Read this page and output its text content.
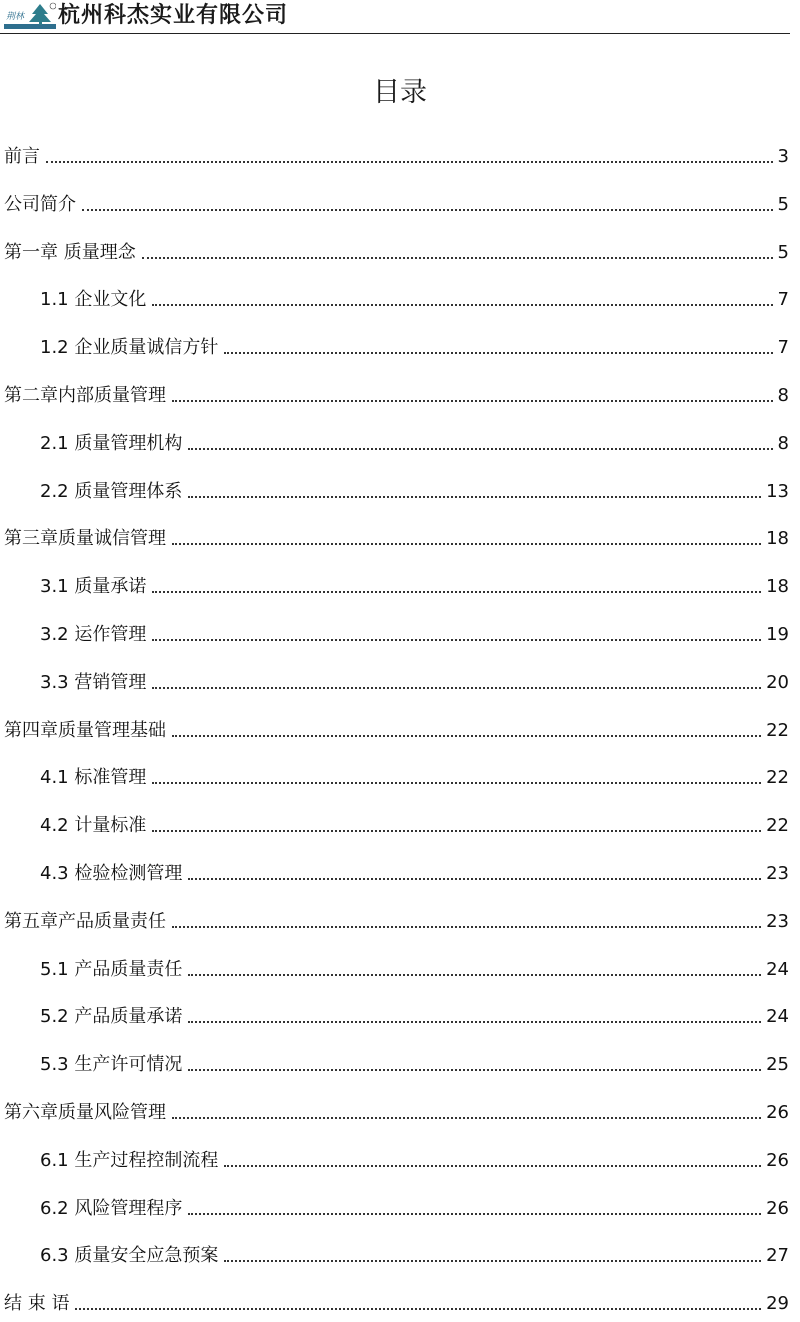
荆林 杭州科杰实业有限公司
目录
前言	3
公司简介	5
第一章 质量理念	5
1.1 企业文化	7
1.2 企业质量诚信方针	7
第二章内部质量管理	8
2.1 质量管理机构	8
2.2 质量管理体系	13
第三章质量诚信管理	18
3.1 质量承诺	18
3.2 运作管理	19
3.3 营销管理	20
第四章质量管理基础	22
4.1 标准管理	22
4.2 计量标准	22
4.3 检验检测管理	23
第五章产品质量责任	23
5.1 产品质量责任	24
5.2 产品质量承诺	24
5.3 生产许可情况	25
第六章质量风险管理	26
6.1 生产过程控制流程	26
6.2 风险管理程序	26
6.3 质量安全应急预案	27
结 束 语	29
